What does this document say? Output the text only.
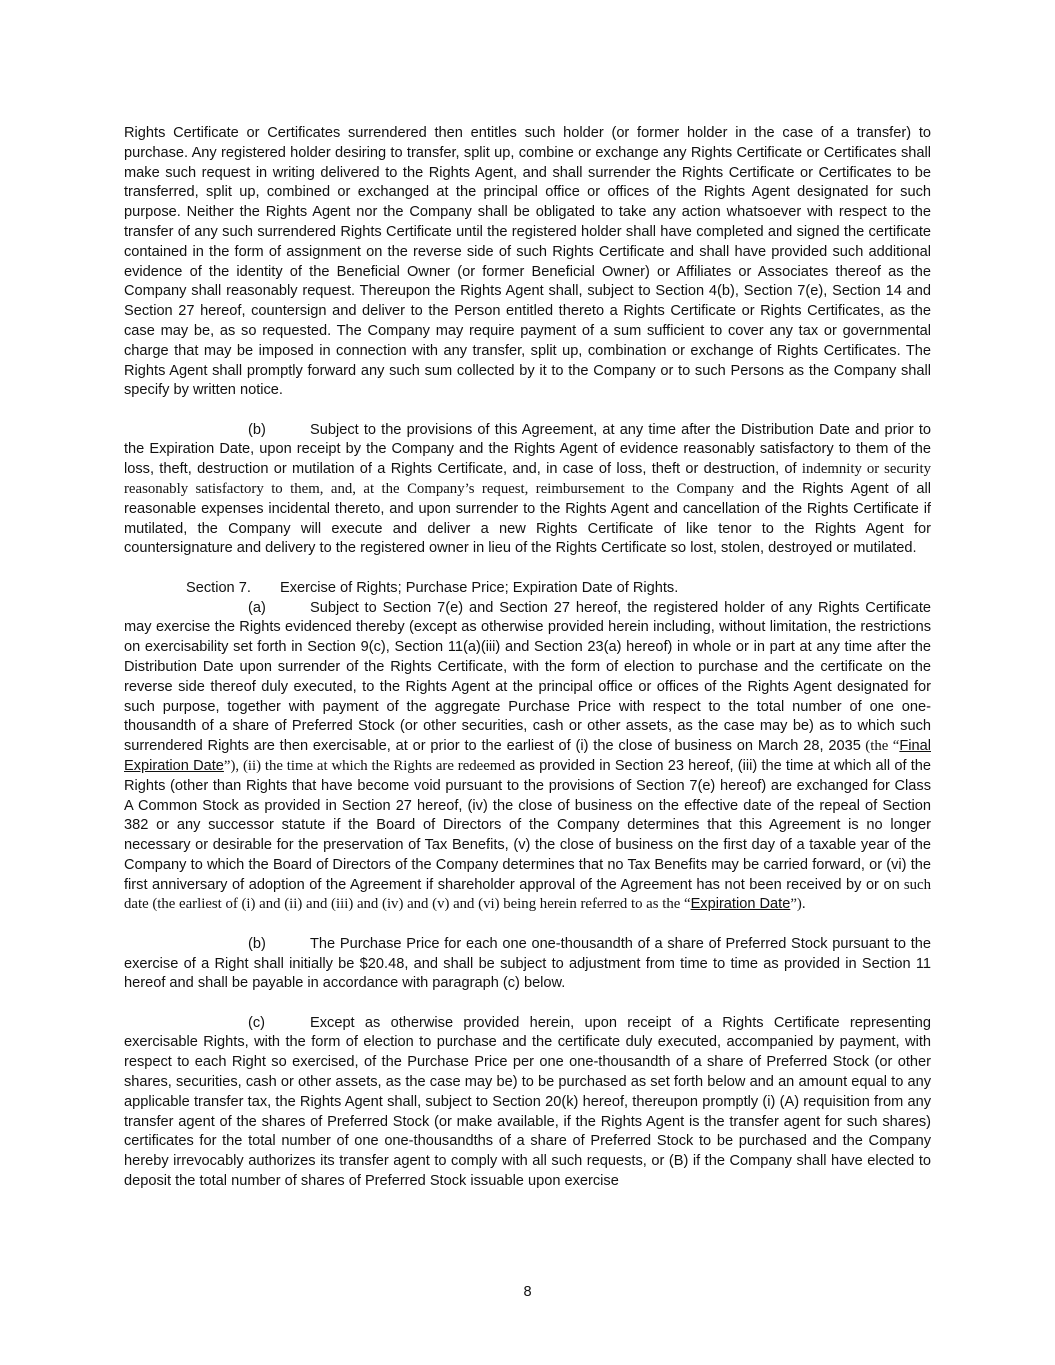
Rights Certificate or Certificates surrendered then entitles such holder (or former holder in the case of a transfer) to purchase. Any registered holder desiring to transfer, split up, combine or exchange any Rights Certificate or Certificates shall make such request in writing delivered to the Rights Agent, and shall surrender the Rights Certificate or Certificates to be transferred, split up, combined or exchanged at the principal office or offices of the Rights Agent designated for such purpose. Neither the Rights Agent nor the Company shall be obligated to take any action whatsoever with respect to the transfer of any such surrendered Rights Certificate until the registered holder shall have completed and signed the certificate contained in the form of assignment on the reverse side of such Rights Certificate and shall have provided such additional evidence of the identity of the Beneficial Owner (or former Beneficial Owner) or Affiliates or Associates thereof as the Company shall reasonably request. Thereupon the Rights Agent shall, subject to Section 4(b), Section 7(e), Section 14 and Section 27 hereof, countersign and deliver to the Person entitled thereto a Rights Certificate or Rights Certificates, as the case may be, as so requested. The Company may require payment of a sum sufficient to cover any tax or governmental charge that may be imposed in connection with any transfer, split up, combination or exchange of Rights Certificates. The Rights Agent shall promptly forward any such sum collected by it to the Company or to such Persons as the Company shall specify by written notice.

(b)	Subject to the provisions of this Agreement, at any time after the Distribution Date and prior to the Expiration Date, upon receipt by the Company and the Rights Agent of evidence reasonably satisfactory to them of the loss, theft, destruction or mutilation of a Rights Certificate, and, in case of loss, theft or destruction, of indemnity or security reasonably satisfactory to them, and, at the Company’s request, reimbursement to the Company and the Rights Agent of all reasonable expenses incidental thereto, and upon surrender to the Rights Agent and cancellation of the Rights Certificate if mutilated, the Company will execute and deliver a new Rights Certificate of like tenor to the Rights Agent for countersignature and delivery to the registered owner in lieu of the Rights Certificate so lost, stolen, destroyed or mutilated.

Section 7. Exercise of Rights; Purchase Price; Expiration Date of Rights.

(a)	Subject to Section 7(e) and Section 27 hereof, the registered holder of any Rights Certificate may exercise the Rights evidenced thereby (except as otherwise provided herein including, without limitation, the restrictions on exercisability set forth in Section 9(c), Section 11(a)(iii) and Section 23(a) hereof) in whole or in part at any time after the Distribution Date upon surrender of the Rights Certificate, with the form of election to purchase and the certificate on the reverse side thereof duly executed, to the Rights Agent at the principal office or offices of the Rights Agent designated for such purpose, together with payment of the aggregate Purchase Price with respect to the total number of one one-thousandth of a share of Preferred Stock (or other securities, cash or other assets, as the case may be) as to which such surrendered Rights are then exercisable, at or prior to the earliest of (i) the close of business on March 28, 2035 (the “Final Expiration Date”), (ii) the time at which the Rights are redeemed as provided in Section 23 hereof, (iii) the time at which all of the Rights (other than Rights that have become void pursuant to the provisions of Section 7(e) hereof) are exchanged for Class A Common Stock as provided in Section 27 hereof, (iv) the close of business on the effective date of the repeal of Section 382 or any successor statute if the Board of Directors of the Company determines that this Agreement is no longer necessary or desirable for the preservation of Tax Benefits, (v) the close of business on the first day of a taxable year of the Company to which the Board of Directors of the Company determines that no Tax Benefits may be carried forward, or (vi) the first anniversary of adoption of the Agreement if shareholder approval of the Agreement has not been received by or on such date (the earliest of (i) and (ii) and (iii) and (iv) and (v) and (vi) being herein referred to as the “Expiration Date”).

(b)	The Purchase Price for each one one-thousandth of a share of Preferred Stock pursuant to the exercise of a Right shall initially be $20.48, and shall be subject to adjustment from time to time as provided in Section 11 hereof and shall be payable in accordance with paragraph (c) below.

(c)	Except as otherwise provided herein, upon receipt of a Rights Certificate representing exercisable Rights, with the form of election to purchase and the certificate duly executed, accompanied by payment, with respect to each Right so exercised, of the Purchase Price per one one-thousandth of a share of Preferred Stock (or other shares, securities, cash or other assets, as the case may be) to be purchased as set forth below and an amount equal to any applicable transfer tax, the Rights Agent shall, subject to Section 20(k) hereof, thereupon promptly (i) (A) requisition from any transfer agent of the shares of Preferred Stock (or make available, if the Rights Agent is the transfer agent for such shares) certificates for the total number of one one-thousandths of a share of Preferred Stock to be purchased and the Company hereby irrevocably authorizes its transfer agent to comply with all such requests, or (B) if the Company shall have elected to deposit the total number of shares of Preferred Stock issuable upon exercise

8
